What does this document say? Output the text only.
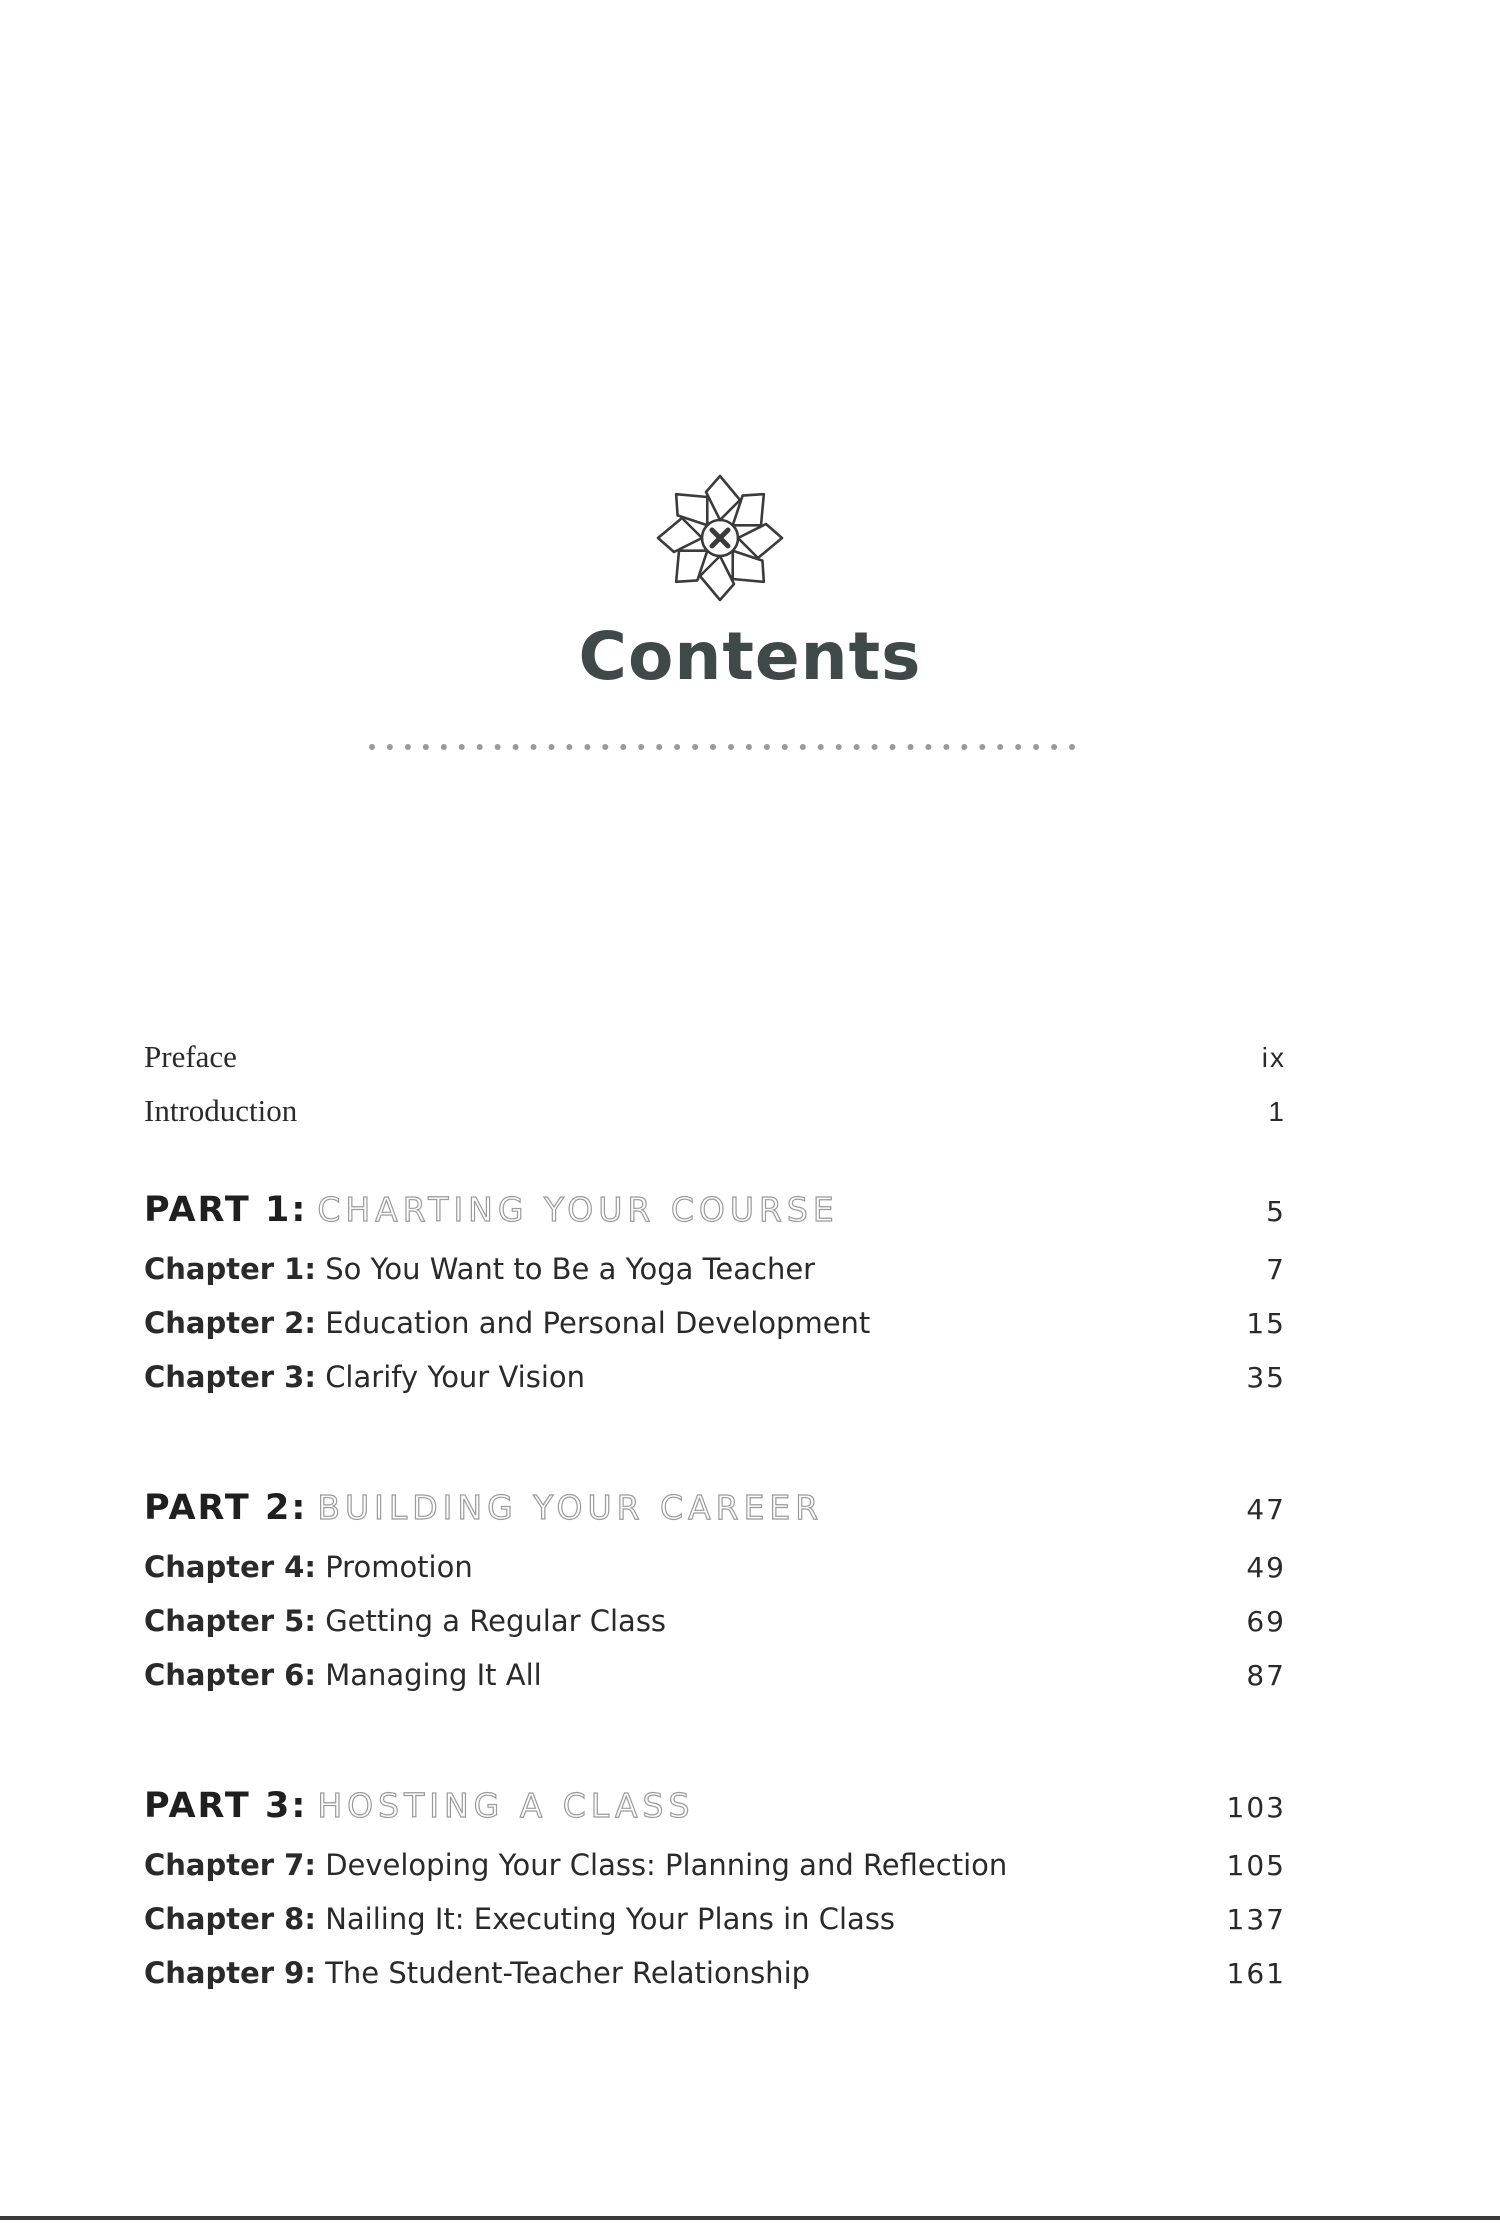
Contents
Preface	ix
Introduction	1
PART 1: CHARTING YOUR COURSE	5
Chapter 1: So You Want to Be a Yoga Teacher	7
Chapter 2: Education and Personal Development	15
Chapter 3: Clarify Your Vision	35
PART 2: BUILDING YOUR CAREER	47
Chapter 4: Promotion	49
Chapter 5: Getting a Regular Class	69
Chapter 6: Managing It All	87
PART 3: HOSTING A CLASS	103
Chapter 7: Developing Your Class: Planning and Reflection	105
Chapter 8: Nailing It: Executing Your Plans in Class	137
Chapter 9: The Student-Teacher Relationship	161
